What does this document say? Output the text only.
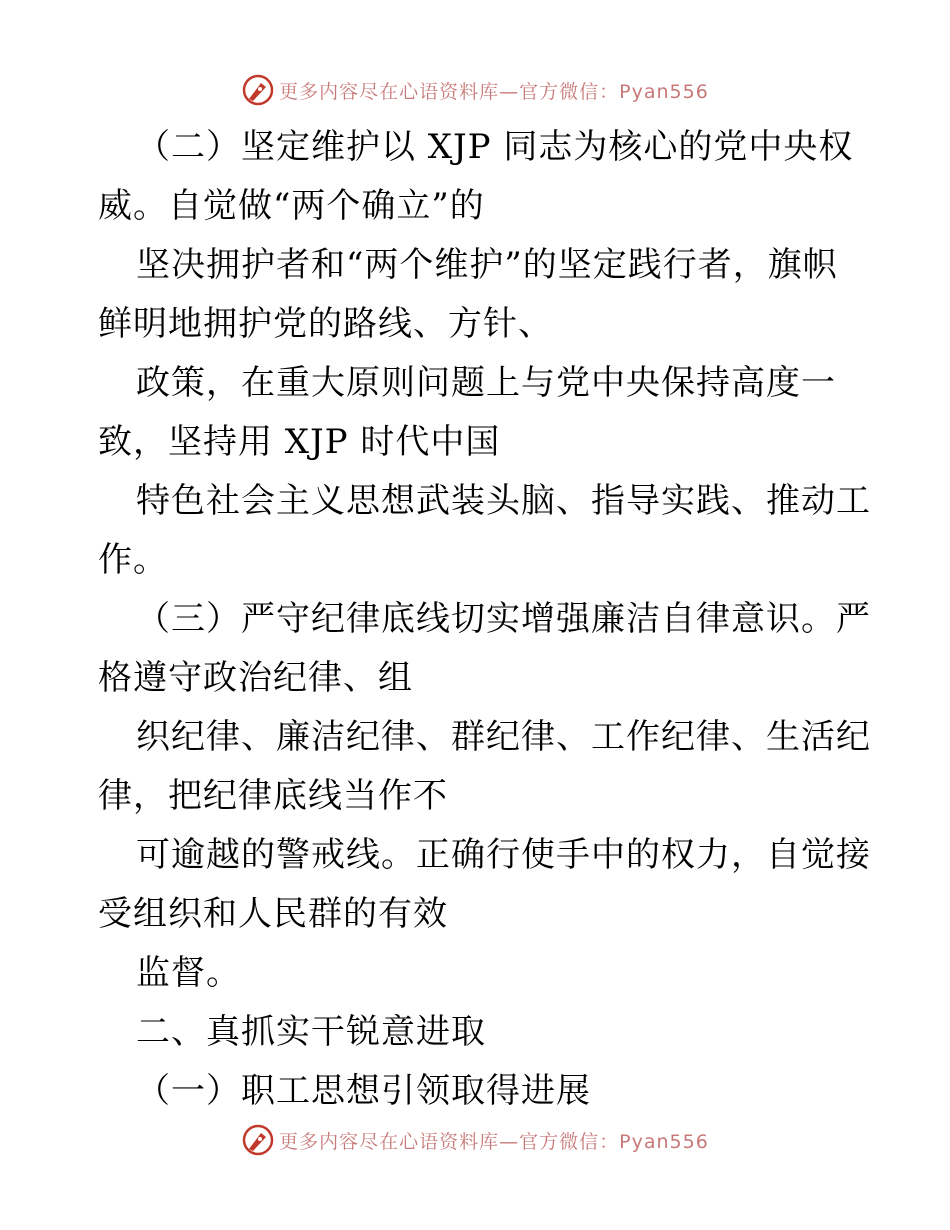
更多内容尽在心语资料库—官方微信：Pyan556
（二）坚定维护以 XJP 同志为核心的党中央权
威。自觉做“两个确立”的
坚决拥护者和“两个维护”的坚定践行者，旗帜
鲜明地拥护党的路线、方针、
政策，在重大原则问题上与党中央保持高度一
致，坚持用 XJP 时代中国
特色社会主义思想武装头脑、指导实践、推动工
作。
（三）严守纪律底线切实增强廉洁自律意识。严
格遵守政治纪律、组
织纪律、廉洁纪律、群纪律、工作纪律、生活纪
律，把纪律底线当作不
可逾越的警戒线。正确行使手中的权力，自觉接
受组织和人民群的有效
监督。
二、真抓实干锐意进取
（一）职工思想引领取得进展
更多内容尽在心语资料库—官方微信：Pyan556
